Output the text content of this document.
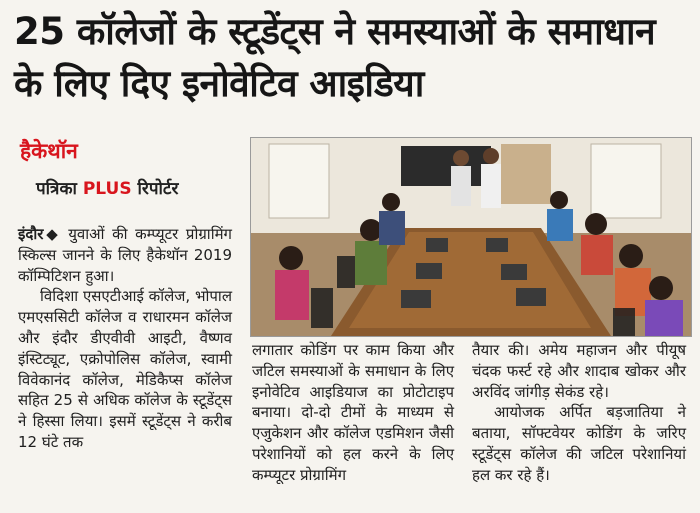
25 कॉलेजों के स्टूडेंट्स ने समस्याओं के समाधान के लिए दिए इनोवेटिव आइडिया
हैकेथॉन
पत्रिका PLUS रिपोर्टर

इंदौर◆ युवाओं की कम्प्यूटर प्रोग्रामिंग स्किल्स जानने के लिए हैकेथॉन 2019 कॉम्पिटिशन हुआ।

विदिशा एसएटीआई कॉलेज, भोपाल एमएससिटी कॉलेज व राधारमन कॉलेज और इंदौर डीएवीवी आइटी, वैष्णव इंस्टिट्यूट, एक्रोपोलिस कॉलेज, स्वामी विवेकानंद कॉलेज, मेडिकैप्स कॉलेज सहित 25 से अधिक कॉलेज के स्टूडेंट्स ने हिस्सा लिया। इसमें स्टूडेंट्स ने करीब 12 घंटे तक

लगातार कोडिंग पर काम किया और जटिल समस्याओं के समाधान के लिए इनोवेटिव आइडियाज का प्रोटोटाइप बनाया। दो-दो टीमों के माध्यम से एजुकेशन और कॉलेज एडमिशन जैसी परेशानियों को हल करने के लिए कम्प्यूटर प्रोग्रामिंग

तैयार की। अमेय महाजन और पीयूष चंदक फर्स्ट रहे और शादाब खोकर और अरविंद जांगीड़ सेकंड रहे।

आयोजक अर्पित बड़जातिया ने बताया, सॉफ्टवेयर कोडिंग के जरिए स्टूडेंट्स कॉलेज की जटिल परेशानियां हल कर रहे हैं।
